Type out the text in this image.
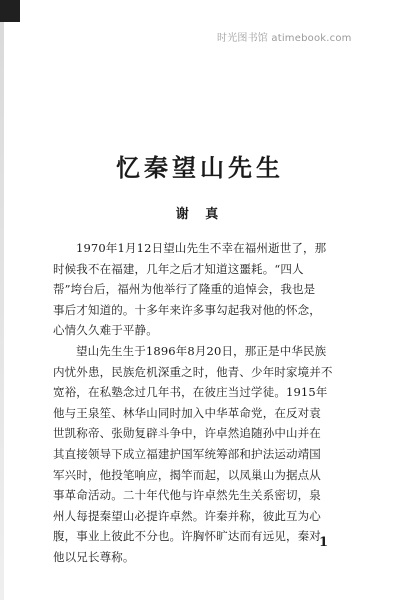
时光图书馆 atimebook.com
忆秦望山先生
谢 真

1970年1月12日望山先生不幸在福州逝世了，那
时候我不在福建，几年之后才知道这噩耗。“四人
帮”垮台后，福州为他举行了隆重的追悼会，我也是
事后才知道的。十多年来许多事勾起我对他的怀念，
心情久久难于平静。

望山先生生于1896年8月20日，那正是中华民族
内忧外患，民族危机深重之时，他青、少年时家境并不
宽裕，在私塾念过几年书，在彼庄当过学徒。1915年
他与王泉笙、林华山同时加入中华革命党，在反对袁
世凯称帝、张勋复辟斗争中，许卓然追随孙中山并在
其直接领导下成立福建护国军统筹部和护法运动靖国
军兴时，他投笔响应，揭竿而起，以凤巢山为据点从
事革命活动。二十年代他与许卓然先生关系密切，泉
州人每提秦望山必提许卓然。许秦并称，彼此互为心
腹，事业上彼此不分也。许胸怀旷达而有远见，秦对
他以兄长尊称。

1
